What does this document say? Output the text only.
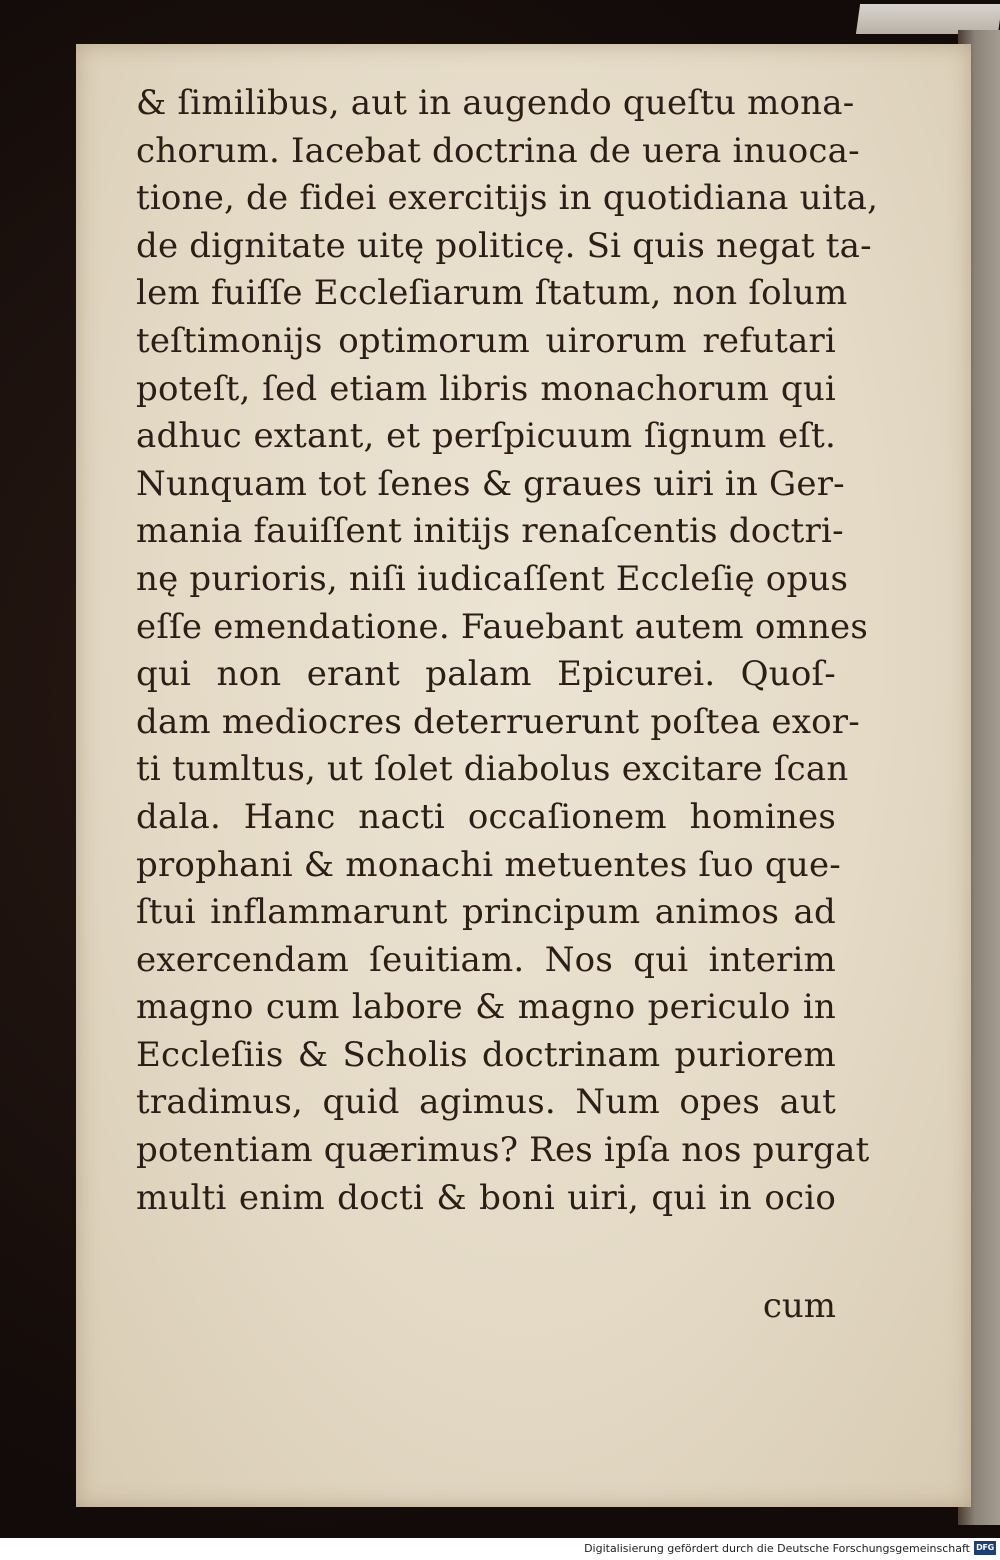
& ſimilibus, aut in augendo queſtu mona-
chorum. Iacebat doctrina de uera inuoca-
tione, de fidei exercitijs in quotidiana uita,
de dignitate uitę politicę. Si quis negat ta-
lem fuiſſe Eccleſiarum ſtatum, non ſolum
teſtimonijs optimorum uirorum refutari
poteſt, ſed etiam libris monachorum qui
adhuc extant, et perſpicuum ſignum eſt.
Nunquam tot ſenes & graues uiri in Ger-
mania fauiſſent initijs renaſcentis doctri-
nę purioris, niſi iudicaſſent Eccleſię opus
eſſe emendatione. Fauebant autem omnes
qui non erant palam Epicurei. Quoſ-
dam mediocres deterruerunt poſtea exor-
ti tumltus, ut ſolet diabolus excitare ſcan
dala. Hanc nacti occaſionem homines
prophani & monachi metuentes ſuo que-
ſtui inflammarunt principum animos ad
exercendam ſeuitiam. Nos qui interim
magno cum labore & magno periculo in
Eccleſiis & Scholis doctrinam puriorem
tradimus, quid agimus. Num opes aut
potentiam quærimus? Res ipſa nos purgat
multi enim docti & boni uiri, qui in ocio
cum
Digitalisierung gefördert durch die Deutsche Forschungsgemeinschaft DFG
